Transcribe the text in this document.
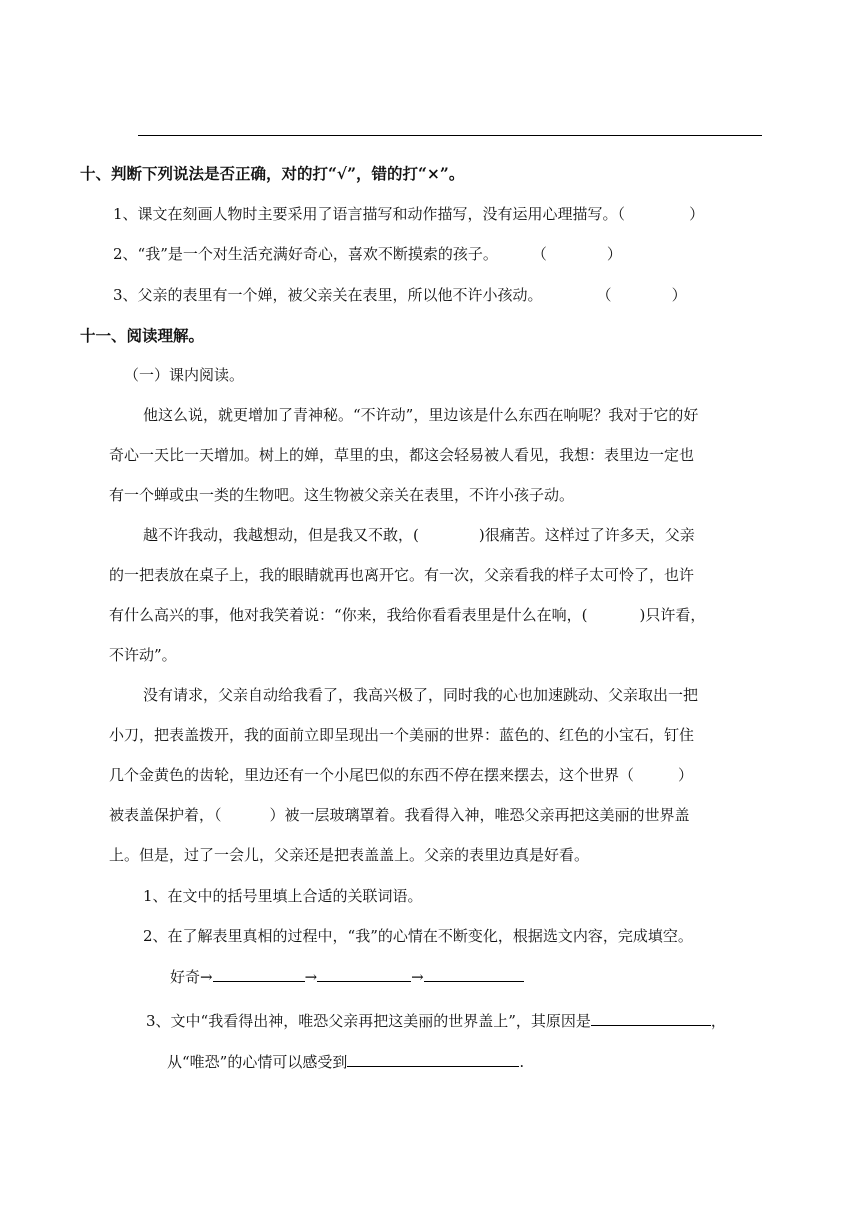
十、判断下列说法是否正确，对的打“√”，错的打“×”。

1、课文在刻画人物时主要采用了语言描写和动作描写，没有运用心理描写。（	）

2、“我”是一个对生活充满好奇心，喜欢不断摸索的孩子。 （	）

3、父亲的表里有一个婵，被父亲关在表里，所以他不许小孩动。	（	）

十一、阅读理解。

（一）课内阅读。

他这么说，就更增加了青神秘。“不许动”，里边该是什么东西在响呢？我对于它的好

奇心一天比一天增加。树上的婵，草里的虫，都这会轻易被人看见，我想：表里边一定也

有一个蝉或虫一类的生物吧。这生物被父亲关在表里，不许小孩子动。

越不许我动，我越想动，但是我又不敢，(	)很痛苦。这样过了许多天，父亲

的一把表放在桌子上，我的眼睛就再也离开它。有一次，父亲看我的样子太可怜了，也许

有什么高兴的事，他对我笑着说：“你来，我给你看看表里是什么在响，(	)只许看，

不许动”。

没有请求，父亲自动给我看了，我高兴极了，同时我的心也加速跳动、父亲取出一把

小刀，把表盖拨开，我的面前立即呈现出一个美丽的世界：蓝色的、红色的小宝石，钉住

几个金黄色的齿轮，里边还有一个小尾巴似的东西不停在摆来摆去，这个世界（	）

被表盖保护着，（	）被一层玻璃罩着。我看得入神，唯恐父亲再把这美丽的世界盖

上。但是，过了一会儿，父亲还是把表盖盖上。父亲的表里边真是好看。

1、在文中的括号里填上合适的关联词语。

2、在了解表里真相的过程中，“我”的心情在不断变化，根据选文内容，完成填空。

好奇→	→	→

3、文中“我看得出神，唯恐父亲再把这美丽的世界盖上”，其原因是	，

从“唯恐”的心情可以感受到	.
